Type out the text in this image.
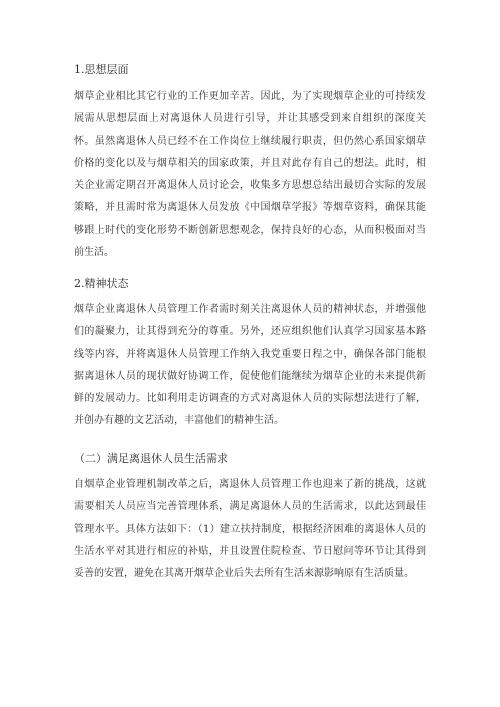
1.思想层面
烟草企业相比其它行业的工作更加辛苦。因此，为了实现烟草企业的可持续发
展需从思想层面上对离退休人员进行引导，并让其感受到来自组织的深度关
怀。虽然离退休人员已经不在工作岗位上继续履行职责，但仍然心系国家烟草
价格的变化以及与烟草相关的国家政策，并且对此存有自己的想法。此时，相
关企业需定期召开离退休人员讨论会，收集多方思想总结出最切合实际的发展
策略，并且需时常为离退休人员发放《中国烟草学报》等烟草资料，确保其能
够跟上时代的变化形势不断创新思想观念，保持良好的心态，从而积极面对当
前生活。
2.精神状态
烟草企业离退休人员管理工作者需时刻关注离退休人员的精神状态，并增强他
们的凝聚力，让其得到充分的尊重。另外，还应组织他们认真学习国家基本路
线等内容，并将离退休人员管理工作纳入我党重要日程之中，确保各部门能根
据离退休人员的现状做好协调工作，促使他们能继续为烟草企业的未来提供新
鲜的发展动力。比如利用走访调查的方式对离退休人员的实际想法进行了解，
并创办有趣的文艺活动，丰富他们的精神生活。
（二）满足离退休人员生活需求
自烟草企业管理机制改革之后，离退休人员管理工作也迎来了新的挑战，这就
需要相关人员应当完善管理体系，满足离退休人员的生活需求，以此达到最佳
管理水平。具体方法如下：（1）建立扶持制度，根据经济困难的离退休人员的
生活水平对其进行相应的补贴，并且设置住院检查、节日慰问等环节让其得到
妥善的安置，避免在其离开烟草企业后失去所有生活来源影响原有生活质量。
